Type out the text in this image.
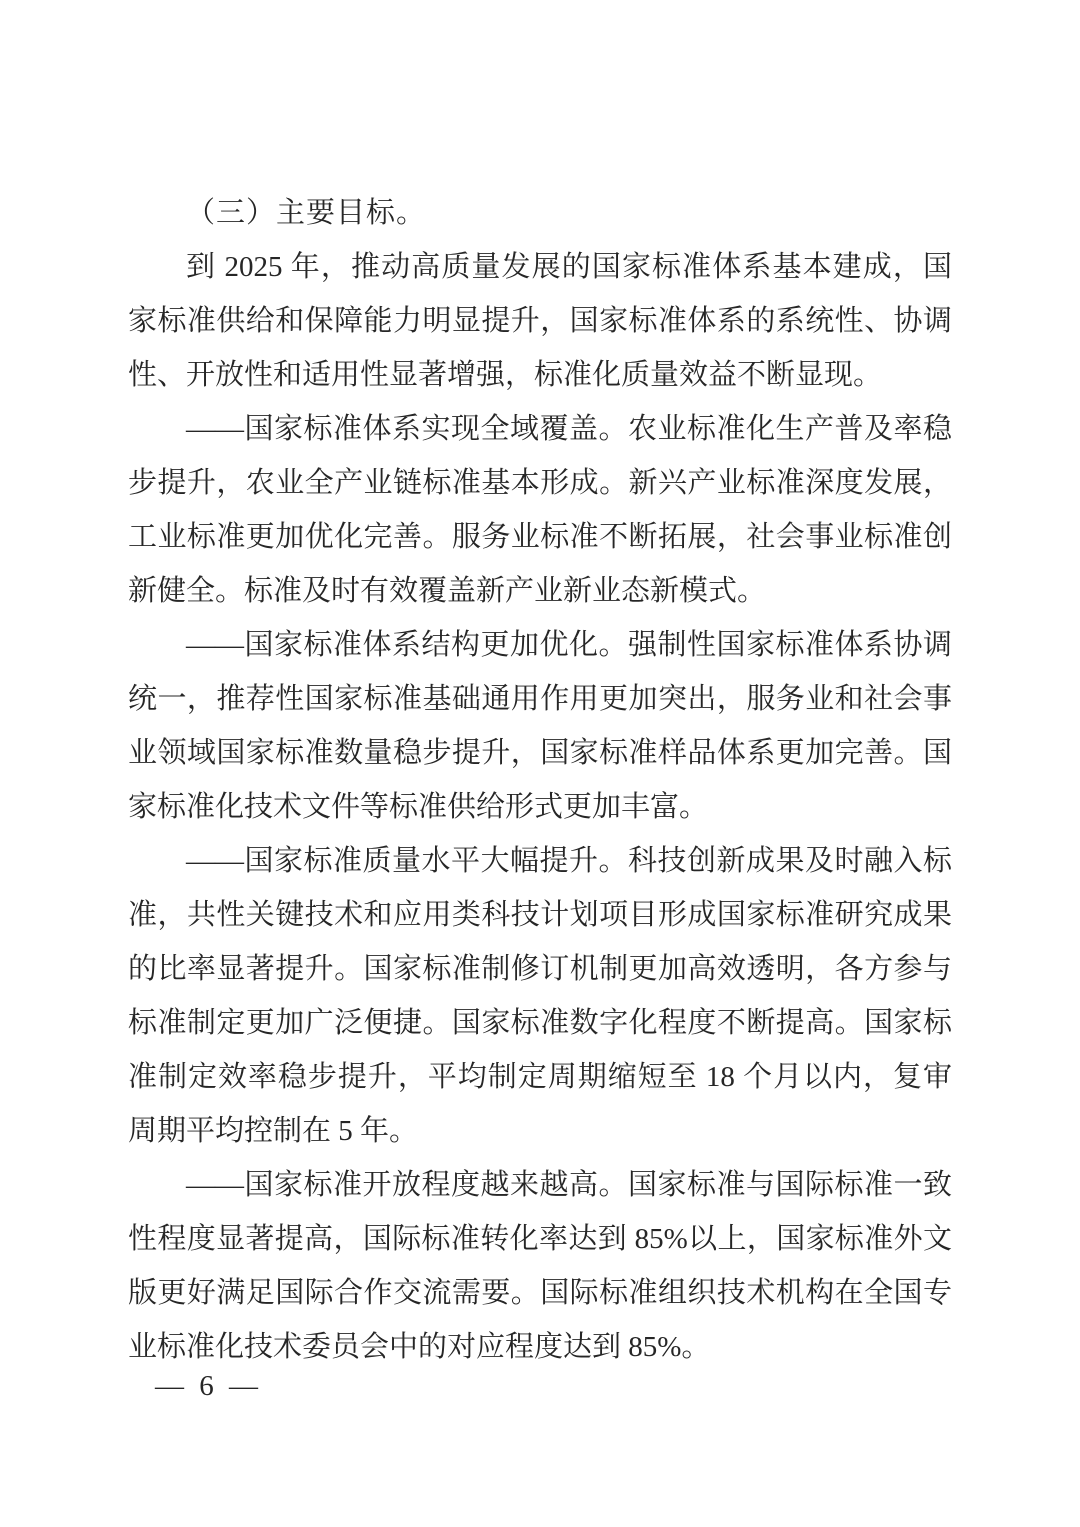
（三）主要目标。

到 2025 年，推动高质量发展的国家标准体系基本建成，国家标准供给和保障能力明显提升，国家标准体系的系统性、协调性、开放性和适用性显著增强，标准化质量效益不断显现。

——国家标准体系实现全域覆盖。农业标准化生产普及率稳步提升，农业全产业链标准基本形成。新兴产业标准深度发展，工业标准更加优化完善。服务业标准不断拓展，社会事业标准创新健全。标准及时有效覆盖新产业新业态新模式。

——国家标准体系结构更加优化。强制性国家标准体系协调统一，推荐性国家标准基础通用作用更加突出，服务业和社会事业领域国家标准数量稳步提升，国家标准样品体系更加完善。国家标准化技术文件等标准供给形式更加丰富。

——国家标准质量水平大幅提升。科技创新成果及时融入标准，共性关键技术和应用类科技计划项目形成国家标准研究成果的比率显著提升。国家标准制修订机制更加高效透明，各方参与标准制定更加广泛便捷。国家标准数字化程度不断提高。国家标准制定效率稳步提升，平均制定周期缩短至 18 个月以内，复审周期平均控制在 5 年。

——国家标准开放程度越来越高。国家标准与国际标准一致性程度显著提高，国际标准转化率达到 85%以上，国家标准外文版更好满足国际合作交流需要。国际标准组织技术机构在全国专业标准化技术委员会中的对应程度达到 85%。

— 6 —
